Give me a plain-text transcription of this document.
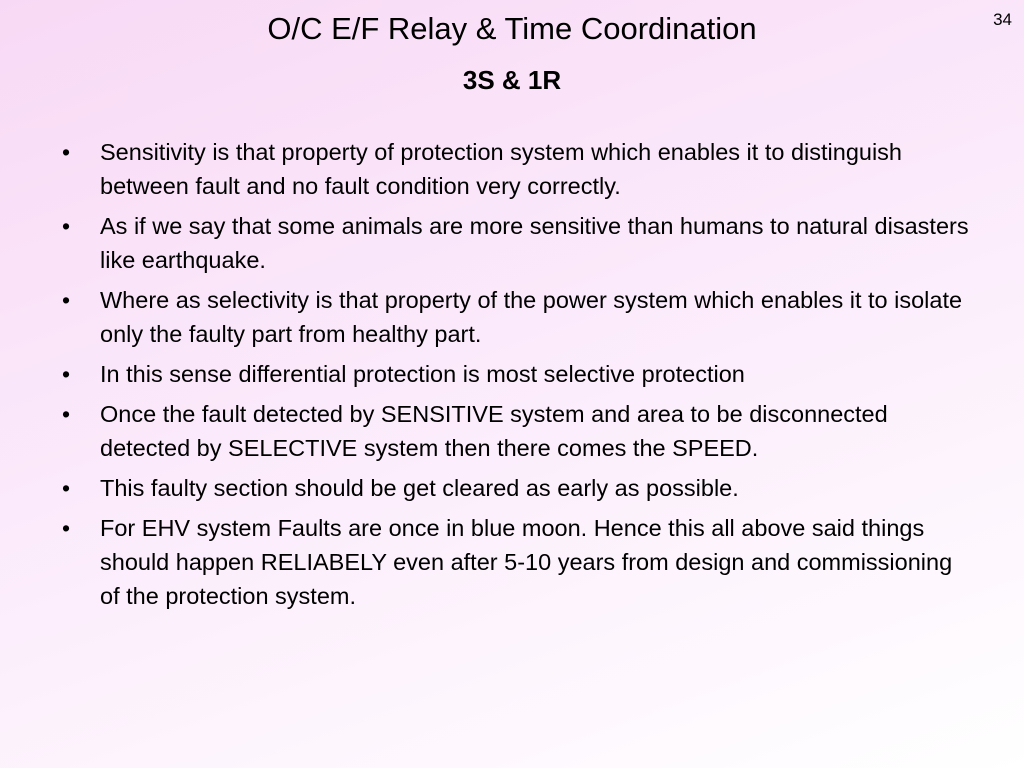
34
O/C E/F Relay & Time Coordination
3S & 1R
• Sensitivity is that property of protection system which enables it to distinguish between fault and no fault condition very correctly.
• As if we say that some animals are more sensitive than humans to natural disasters like earthquake.
• Where as selectivity is that property of the power system which enables it to isolate only the faulty part from healthy part.
• In this sense differential protection is most selective protection
• Once the fault detected by SENSITIVE system and area to be disconnected detected by SELECTIVE system then there comes the SPEED.
• This faulty section should be get cleared as early as possible.
• For EHV system Faults are once in blue moon. Hence this all above said things should happen RELIABELY even after 5-10 years from design and commissioning of the protection system.
